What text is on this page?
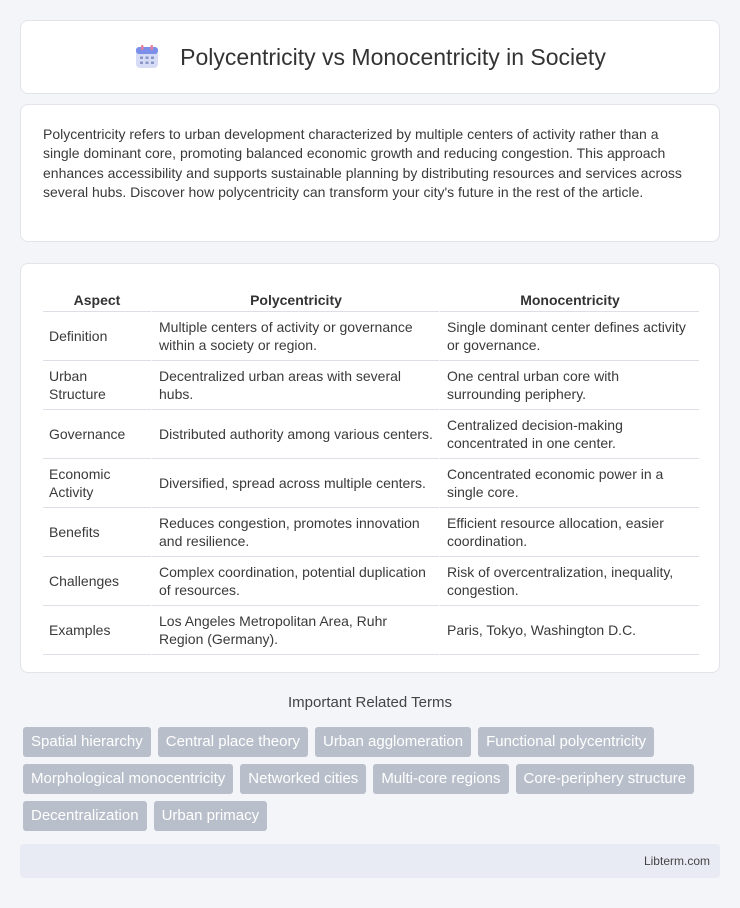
Polycentricity vs Monocentricity in Society

Polycentricity refers to urban development characterized by multiple centers of activity rather than a single dominant core, promoting balanced economic growth and reducing congestion. This approach enhances accessibility and supports sustainable planning by distributing resources and services across several hubs. Discover how polycentricity can transform your city's future in the rest of the article.

Aspect	Polycentricity	Monocentricity
Definition	Multiple centers of activity or governance within a society or region.	Single dominant center defines activity or governance.
Urban Structure	Decentralized urban areas with several hubs.	One central urban core with surrounding periphery.
Governance	Distributed authority among various centers.	Centralized decision-making concentrated in one center.
Economic Activity	Diversified, spread across multiple centers.	Concentrated economic power in a single core.
Benefits	Reduces congestion, promotes innovation and resilience.	Efficient resource allocation, easier coordination.
Challenges	Complex coordination, potential duplication of resources.	Risk of overcentralization, inequality, congestion.
Examples	Los Angeles Metropolitan Area, Ruhr Region (Germany).	Paris, Tokyo, Washington D.C.
Important Related Terms
Spatial hierarchy	Central place theory	Urban agglomeration	Functional polycentricity
Morphological monocentricity	Networked cities	Multi-core regions	Core-periphery structure
Decentralization	Urban primacy
Libterm.com
